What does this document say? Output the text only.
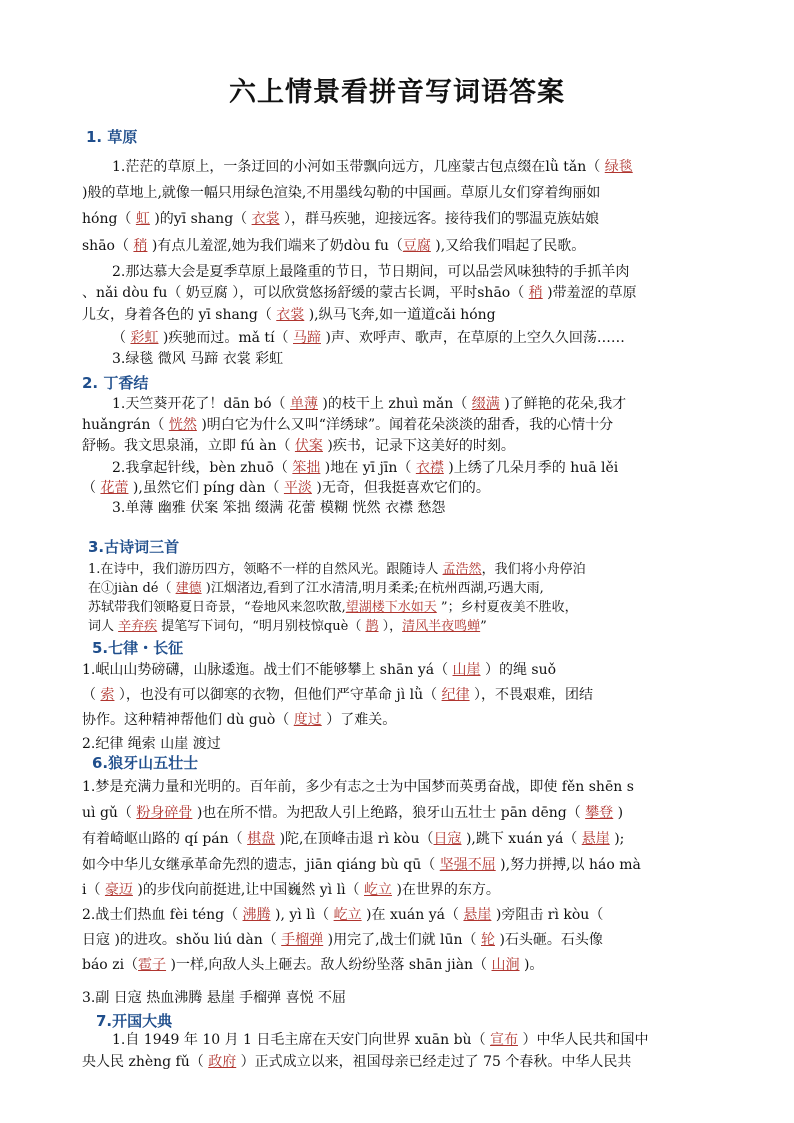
六上情景看拼音写词语答案
1. 草原
1.茫茫的草原上，一条迂回的小河如玉带飘向远方，几座蒙古包点缀在lǜ tǎn（ 绿毯
)般的草地上,就像一幅只用绿色渲染,不用墨线勾勒的中国画。草原儿女们穿着绚丽如
hóng（ 虹 )的yī shang（ 衣裳 ），群马疾驰，迎接远客。接待我们的鄂温克族姑娘
shāo（ 稍 )有点儿羞涩,她为我们端来了奶dòu fu（豆腐 ),又给我们唱起了民歌。
2.那达慕大会是夏季草原上最隆重的节日，节日期间，可以品尝风味独特的手抓羊肉
、nǎi dòu fu（ 奶豆腐 ），可以欣赏悠扬舒缓的蒙古长调，平时shāo（ 稍 )带羞涩的草原
儿女，身着各色的 yī shang（ 衣裳 ),纵马飞奔,如一道道cǎi hóng
（ 彩虹 )疾驰而过。mǎ tí（ 马蹄 )声、欢呼声、歌声，在草原的上空久久回荡……
3.绿毯 微风 马蹄 衣裳 彩虹
2. 丁香结
1.天竺葵开花了！dān bó（ 单薄 )的枝干上 zhuì mǎn（ 缀满 )了鲜艳的花朵,我才
huǎngrán（ 恍然 )明白它为什么又叫“洋绣球”。闻着花朵淡淡的甜香，我的心情十分
舒畅。我文思泉涌，立即 fú àn（ 伏案 )疾书，记录下这美好的时刻。
2.我拿起针线，bèn zhuō（ 笨拙 )地在 yī jīn（ 衣襟 )上绣了几朵月季的 huā lěi
（ 花蕾 ),虽然它们 píng dàn（ 平淡 )无奇，但我挺喜欢它们的。
3.单薄 幽雅 伏案 笨拙 缀满 花蕾 模糊 恍然 衣襟 愁怨
3.古诗词三首
1.在诗中，我们游历四方，领略不一样的自然风光。跟随诗人 孟浩然，我们将小舟停泊
在①jiàn dé（ 建德 )江烟渚边,看到了江水清清,明月柔柔;在杭州西湖,巧遇大雨,
苏轼带我们领略夏日奇景，“卷地风来忽吹散,望湖楼下水如天 ”；乡村夏夜美不胜收，
词人 辛弃疾 提笔写下词句，“明月别枝惊què（ 鹊 ），清风半夜鸣蝉”
5.七律・长征
1.岷山山势磅礴，山脉逶迤。战士们不能够攀上 shān yá（ 山崖 ）的绳 suǒ
（ 索 ），也没有可以御寒的衣物，但他们严守革命 jì lǜ（ 纪律 ），不畏艰难，团结
协作。这种精神帮他们 dù guò（ 度过 ）了难关。
2.纪律 绳索 山崖 渡过
6.狼牙山五壮士
1.梦是充满力量和光明的。百年前，多少有志之士为中国梦而英勇奋战，即使 fěn shēn s
uì gǔ（ 粉身碎骨 )也在所不惜。为把敌人引上绝路，狼牙山五壮士 pān dēng（ 攀登 )
有着崎岖山路的 qí pán（ 棋盘 )陀,在顶峰击退 rì kòu（日寇 ),跳下 xuán yá（ 悬崖 );
如今中华儿女继承革命先烈的遗志，jiān qiáng bù qū（ 坚强不屈 ),努力拼搏,以 háo mà
i（ 豪迈 )的步伐向前挺进,让中国巍然 yì lì（ 屹立 )在世界的东方。
2.战士们热血 fèi téng（ 沸腾 ), yì lì（ 屹立 )在 xuán yá（ 悬崖 )旁阻击 rì kòu（
日寇 )的进攻。shǒu liú dàn（ 手榴弹 )用完了,战士们就 lūn（ 轮 )石头砸。石头像
báo zi（雹子 )一样,向敌人头上砸去。敌人纷纷坠落 shān jiàn（ 山涧 )。
3.副 日寇 热血沸腾 悬崖 手榴弹 喜悦 不屈
7.开国大典
1.自 1949 年 10 月 1 日毛主席在天安门向世界 xuān bù（ 宣布 ）中华人民共和国中
央人民 zhèng fǔ（ 政府 ）正式成立以来，祖国母亲已经走过了 75 个春秋。中华人民共
